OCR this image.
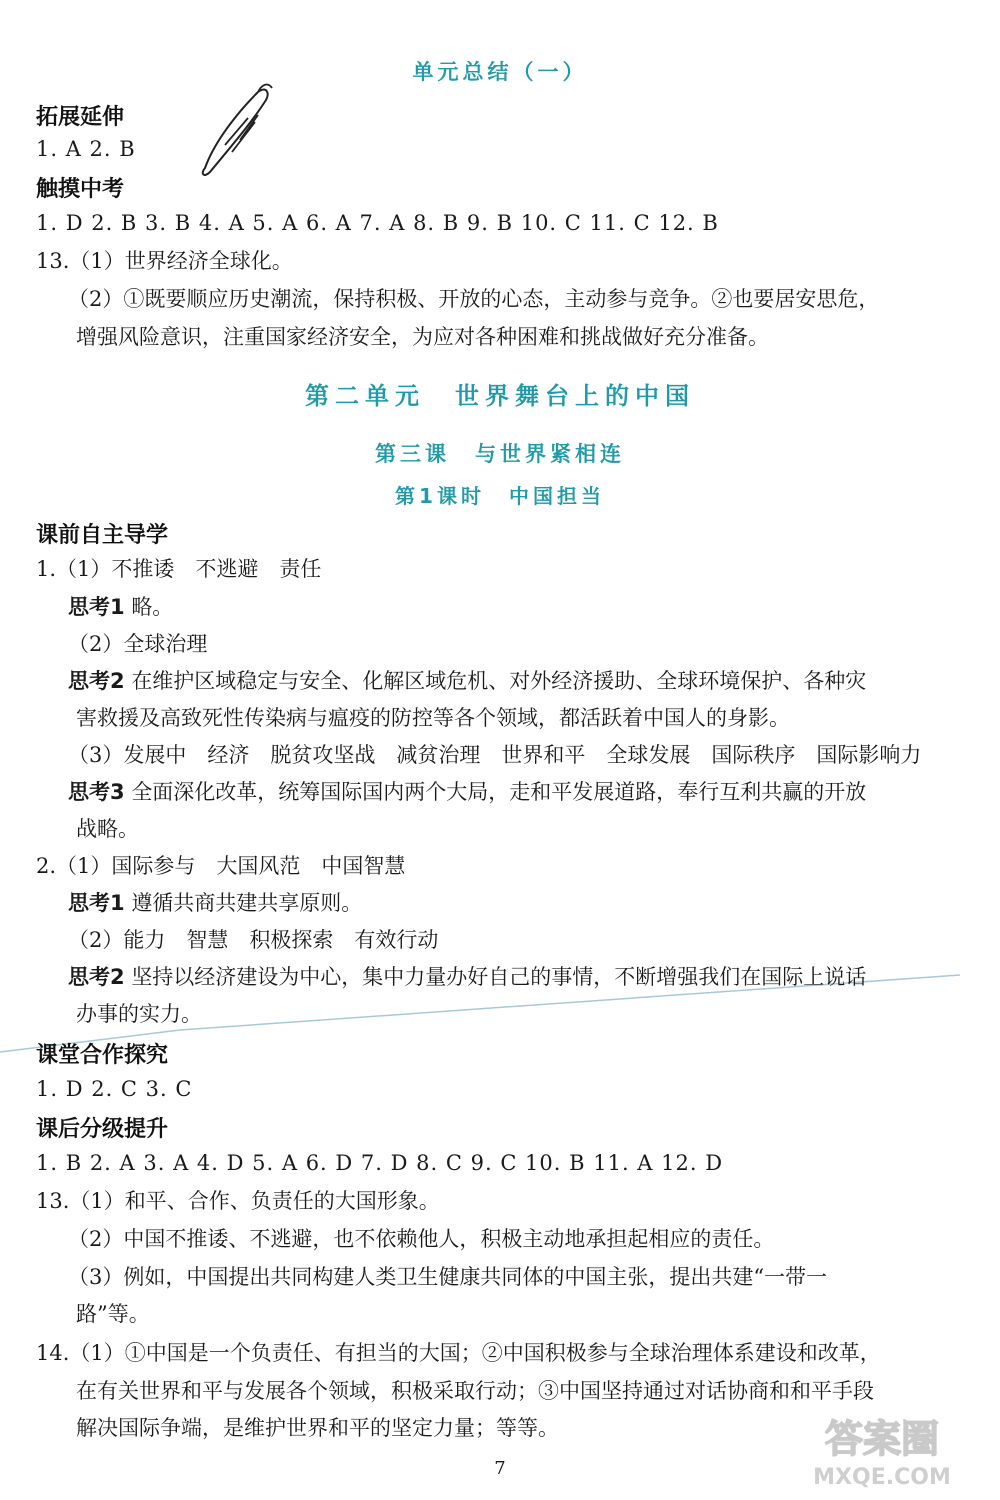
单元总结（一）
拓展延伸
1. A 2. B
触摸中考
1. D 2. B 3. B 4. A 5. A 6. A 7. A 8. B 9. B 10. C 11. C 12. B
13.（1）世界经济全球化。
（2）①既要顺应历史潮流，保持积极、开放的心态，主动参与竞争。②也要居安思危，
增强风险意识，注重国家经济安全，为应对各种困难和挑战做好充分准备。
第二单元　世界舞台上的中国
第三课　与世界紧相连
第1课时　中国担当
课前自主导学
1.（1）不推诿　不逃避　责任
思考1 略。
（2）全球治理
思考2 在维护区域稳定与安全、化解区域危机、对外经济援助、全球环境保护、各种灾
害救援及高致死性传染病与瘟疫的防控等各个领域，都活跃着中国人的身影。
（3）发展中　经济　脱贫攻坚战　减贫治理　世界和平　全球发展　国际秩序　国际影响力
思考3 全面深化改革，统筹国际国内两个大局，走和平发展道路，奉行互利共赢的开放
战略。
2.（1）国际参与　大国风范　中国智慧
思考1 遵循共商共建共享原则。
（2）能力　智慧　积极探索　有效行动
思考2 坚持以经济建设为中心，集中力量办好自己的事情，不断增强我们在国际上说话
办事的实力。
课堂合作探究
1. D 2. C 3. C
课后分级提升
1. B 2. A 3. A 4. D 5. A 6. D 7. D 8. C 9. C 10. B 11. A 12. D
13.（1）和平、合作、负责任的大国形象。
（2）中国不推诿、不逃避，也不依赖他人，积极主动地承担起相应的责任。
（3）例如，中国提出共同构建人类卫生健康共同体的中国主张，提出共建“一带一
路”等。
14.（1）①中国是一个负责任、有担当的大国；②中国积极参与全球治理体系建设和改革，
在有关世界和平与发展各个领域，积极采取行动；③中国坚持通过对话协商和和平手段
解决国际争端，是维护世界和平的坚定力量；等等。
7
答案圈
MXQE.COM
